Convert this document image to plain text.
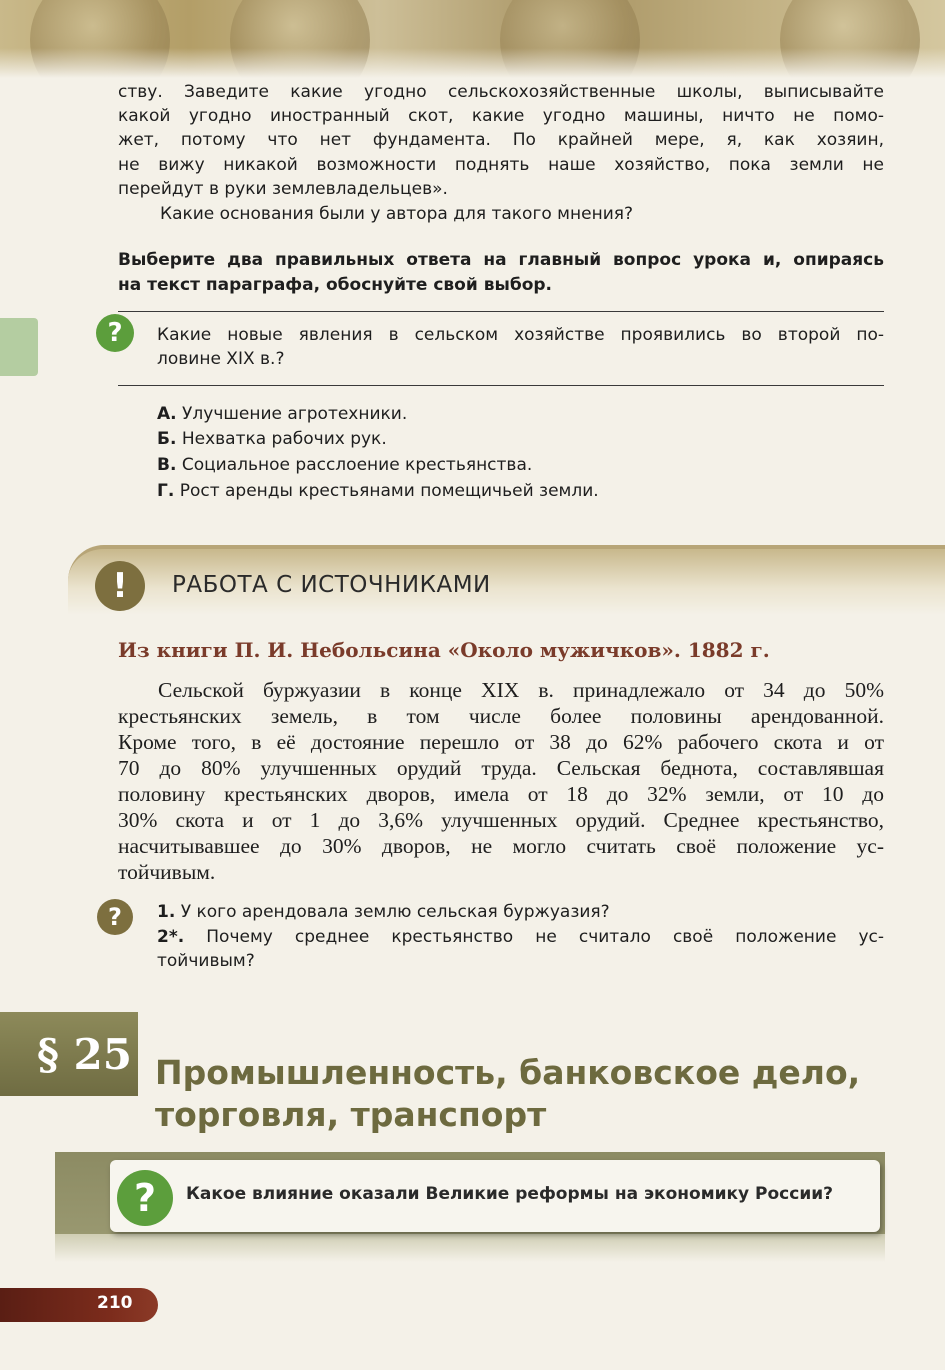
ству. Заведите какие угодно сельскохозяйственные школы, выписывайте

какой угодно иностранный скот, какие угодно машины, ничто не помо-

жет, потому что нет фундамента. По крайней мере, я, как хозяин,

не вижу никакой возможности поднять наше хозяйство, пока земли не

перейдут в руки землевладельцев».

Какие основания были у автора для такого мнения?

Выберите два правильных ответа на главный вопрос урока и, опираясь

на текст параграфа, обоснуйте свой выбор.

?	Какие новые явления в сельском хозяйстве проявились во второй по-

ловине XIX в.?

А. Улучшение агротехники.
Б. Нехватка рабочих рук.
В. Социальное расслоение крестьянства.
Г. Рост аренды крестьянами помещичьей земли.
!	РАБОТА С ИСТОЧНИКАМИ
Из книги П. И. Небольсина «Около мужичков». 1882 г.

Сельской буржуазии в конце XIX в. принадлежало от 34 до 50%

крестьянских земель, в том числе более половины арендованной.

Кроме того, в её достояние перешло от 38 до 62% рабочего скота и от

70 до 80% улучшенных орудий труда. Сельская беднота, составлявшая

половину крестьянских дворов, имела от 18 до 32% земли, от 10 до

30% скота и от 1 до 3,6% улучшенных орудий. Среднее крестьянство,

насчитывавшее до 30% дворов, не могло считать своё положение ус-

тойчивым.

?	1. У кого арендовала землю сельская буржуазия?
2*. Почему среднее крестьянство не считало своё положение ус-

тойчивым?

§ 25 Промышленность, банковское дело,

торговля, транспорт

?	Какое влияние оказали Великие реформы на экономику России?
210
